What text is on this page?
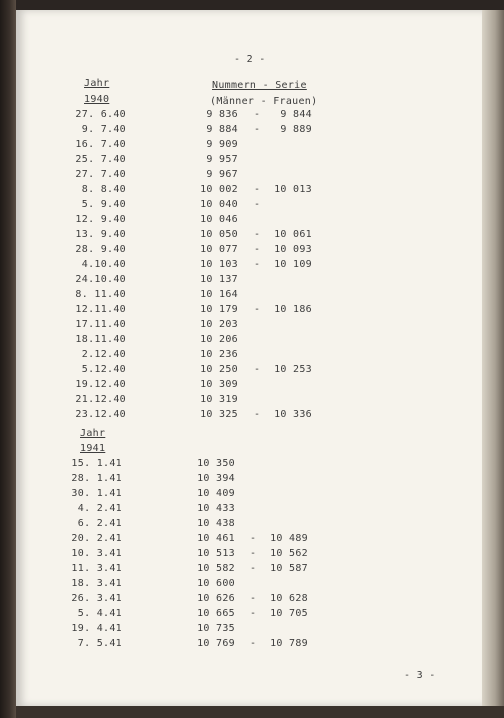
- 2 -
Jahr
1940
Nummern - Serie
(Männer - Frauen)
27. 6.40	9 836 - 9 844
9. 7.40	9 884 - 9 889
16. 7.40	9 909
25. 7.40	9 957
27. 7.40	9 967
8. 8.40	10 002 - 10 013
5. 9.40	10 040 -
12. 9.40	10 046
13. 9.40	10 050 - 10 061
28. 9.40	10 077 - 10 093
4.10.40	10 103 - 10 109
24.10.40	10 137
8. 11.40	10 164
12.11.40	10 179 - 10 186
17.11.40	10 203
18.11.40	10 206
2.12.40	10 236
5.12.40	10 250 - 10 253
19.12.40	10 309
21.12.40	10 319
23.12.40	10 325 - 10 336
Jahr
1941
15. 1.41	10 350
28. 1.41	10 394
30. 1.41	10 409
4. 2.41	10 433
6. 2.41	10 438
20. 2.41	10 461 - 10 489
10. 3.41	10 513 - 10 562
11. 3.41	10 582 - 10 587
18. 3.41	10 600
26. 3.41	10 626 - 10 628
5. 4.41	10 665 - 10 705
19. 4.41	10 735
7. 5.41	10 769 - 10 789
- 3 -
